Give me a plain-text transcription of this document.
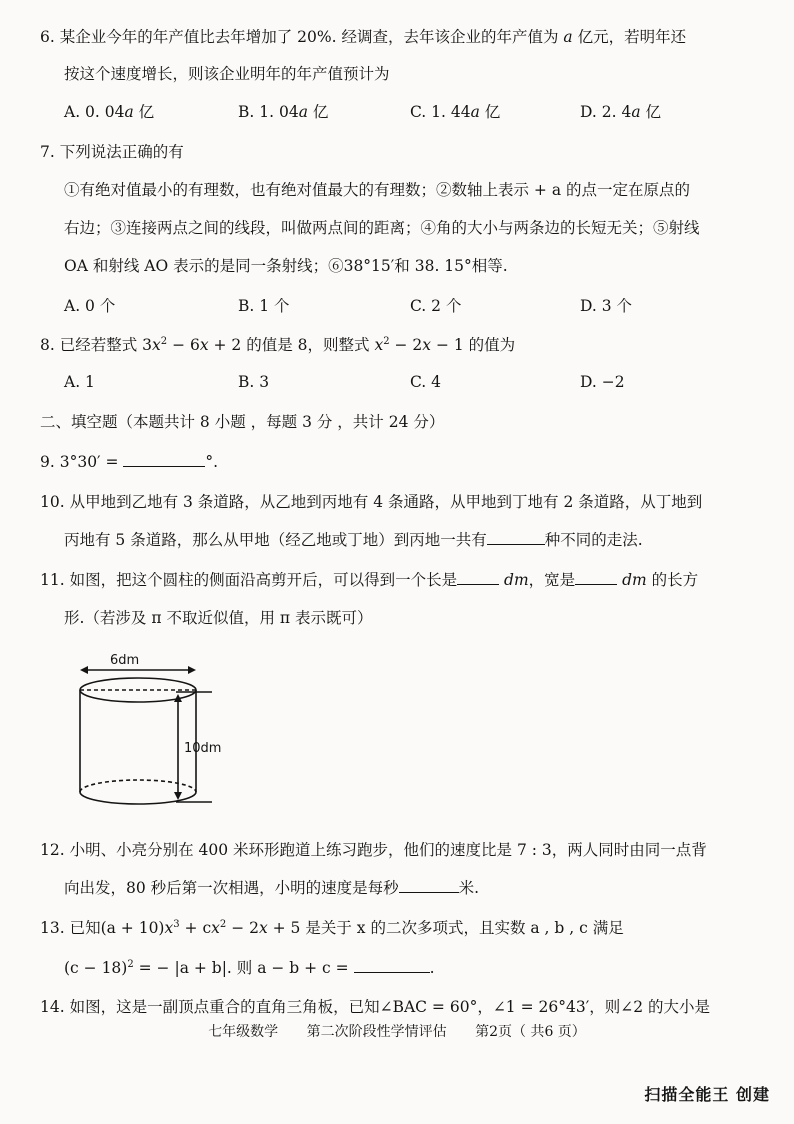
6. 某企业今年的年产值比去年增加了 20%. 经调查，去年该企业的年产值为 a 亿元，若明年还
按这个速度增长，则该企业明年的年产值预计为
A. 0. 04a 亿	B. 1. 04a 亿	C. 1. 44a 亿	D. 2. 4a 亿
7. 下列说法正确的有
①有绝对值最小的有理数，也有绝对值最大的有理数；②数轴上表示 + a 的点一定在原点的
右边；③连接两点之间的线段，叫做两点间的距离；④角的大小与两条边的长短无关；⑤射线
OA 和射线 AO 表示的是同一条射线；⑥38°15′和 38. 15°相等.
A. 0 个	B. 1 个	C. 2 个	D. 3 个
8. 已经若整式 $3x^2 - 6x + 2$ 的值是 8，则整式 $x^2 - 2x - 1$ 的值为
A. 1	B. 3	C. 4	D. −2
二、填空题（本题共计 8 小题 ，每题 3 分 ，共计 24 分）
9. 3°30′ =	°.
10. 从甲地到乙地有 3 条道路，从乙地到丙地有 4 条通路，从甲地到丁地有 2 条道路，从丁地到
丙地有 5 条道路，那么从甲地（经乙地或丁地）到丙地一共有	种不同的走法.
11. 如图，把这个圆柱的侧面沿高剪开后，可以得到一个长是	dm，宽是	dm 的长方
形.（若涉及 π 不取近似值，用 π 表示既可）
6dm
10dm
12. 小明、小亮分别在 400 米环形跑道上练习跑步，他们的速度比是 7 : 3，两人同时由同一点背
向出发，80 秒后第一次相遇，小明的速度是每秒	米.
13. 已知$(a + 10)x^3 + cx^2 - 2x + 5$ 是关于 x 的二次多项式，且实数 a , b , c 满足
$(c - 18)^2$ = − |a + b|. 则 a − b + c =	.
14. 如图，这是一副顶点重合的直角三角板，已知∠BAC = 60°，∠1 = 26°43′，则∠2 的大小是
七年级数学 第二次阶段性学情评估 第2页（ 共6 页）
扫描全能王 创建
